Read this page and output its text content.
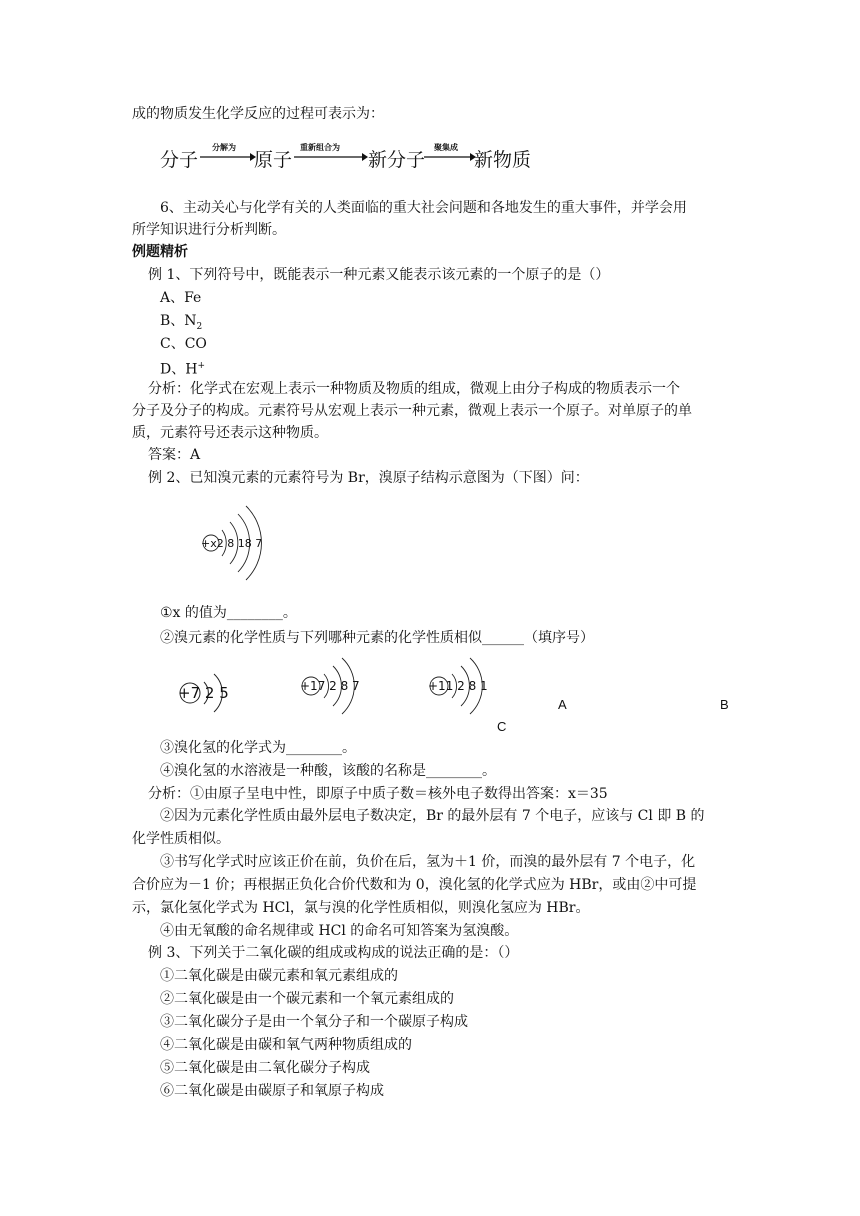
成的物质发生化学反应的过程可表示为：
分子
分解为
原子
重新组合为
新分子
聚集成
新物质
6、主动关心与化学有关的人类面临的重大社会问题和各地发生的重大事件，并学会用
所学知识进行分析判断。
例题精析
例 1、下列符号中，既能表示一种元素又能表示该元素的一个原子的是（）
A、Fe
B、$N_2$
C、CO
D、H+
分析：化学式在宏观上表示一种物质及物质的组成，微观上由分子构成的物质表示一个
分子及分子的构成。元素符号从宏观上表示一种元素，微观上表示一个原子。对单原子的单
质，元素符号还表示这种物质。
答案：A
例 2、已知溴元素的元素符号为 Br，溴原子结构示意图为（下图）问：
+x2 8 18 7
①x 的值为________。
②溴元素的化学性质与下列哪种元素的化学性质相似______（填序号）
+7 2 5	+17 2 8 7	+11 2 8 1
A	B
C
③溴化氢的化学式为________。
④溴化氢的水溶液是一种酸，该酸的名称是________。
分析：①由原子呈电中性，即原子中质子数＝核外电子数得出答案：x＝35
②因为元素化学性质由最外层电子数决定，Br 的最外层有 7 个电子，应该与 Cl 即 B 的
化学性质相似。
③书写化学式时应该正价在前，负价在后，氢为＋1 价，而溴的最外层有 7 个电子，化
合价应为－1 价；再根据正负化合价代数和为 0，溴化氢的化学式应为 HBr，或由②中可提
示，氯化氢化学式为 HCl，氯与溴的化学性质相似，则溴化氢应为 HBr。
④由无氧酸的命名规律或 HCl 的命名可知答案为氢溴酸。
例 3、下列关于二氧化碳的组成或构成的说法正确的是：（）
①二氧化碳是由碳元素和氧元素组成的
②二氧化碳是由一个碳元素和一个氧元素组成的
③二氧化碳分子是由一个氧分子和一个碳原子构成
④二氧化碳是由碳和氧气两种物质组成的
⑤二氧化碳是由二氧化碳分子构成
⑥二氧化碳是由碳原子和氧原子构成
